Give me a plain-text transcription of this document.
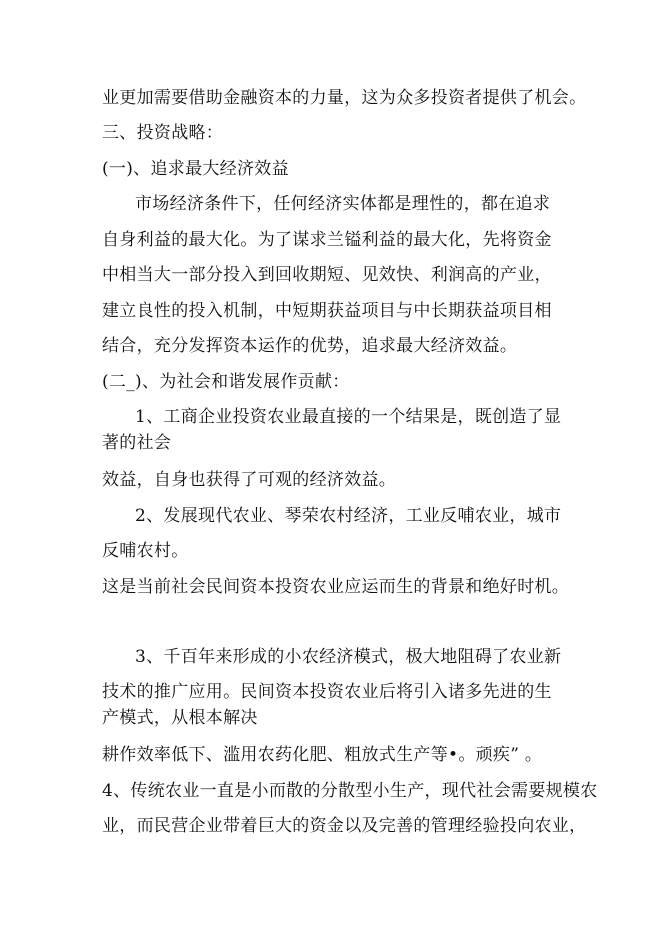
业更加需要借助金融资本的力量，这为众多投资者提供了机会。
三、投资战略：
(一)、追求最大经济效益
市场经济条件下，任何经济实体都是理性的，都在追求
自身利益的最大化。为了谋求兰镒利益的最大化，先将资金
中相当大一部分投入到回收期短、见效快、利润高的产业，
建立良性的投入机制，中短期获益项目与中长期获益项目相
结合，充分发挥资本运作的优势，追求最大经济效益。
(二_)、为社会和谐发展作贡献：
1、工商企业投资农业最直接的一个结果是，既创造了显
著的社会
效益，自身也获得了可观的经济效益。
2、发展现代农业、琴荣农村经济，工业反哺农业，城市
反哺农村。
这是当前社会民间资本投资农业应运而生的背景和绝好时机。
3、千百年来形成的小农经济模式，极大地阻碍了农业新
技术的推广应用。民间资本投资农业后将引入诸多先进的生
产模式，从根本解决
耕作效率低下、滥用农药化肥、粗放式生产等•。顽疾” 。
4、传统农业一直是小而散的分散型小生产，现代社会需要规模农
业，而民营企业带着巨大的资金以及完善的管理经验投向农业，
